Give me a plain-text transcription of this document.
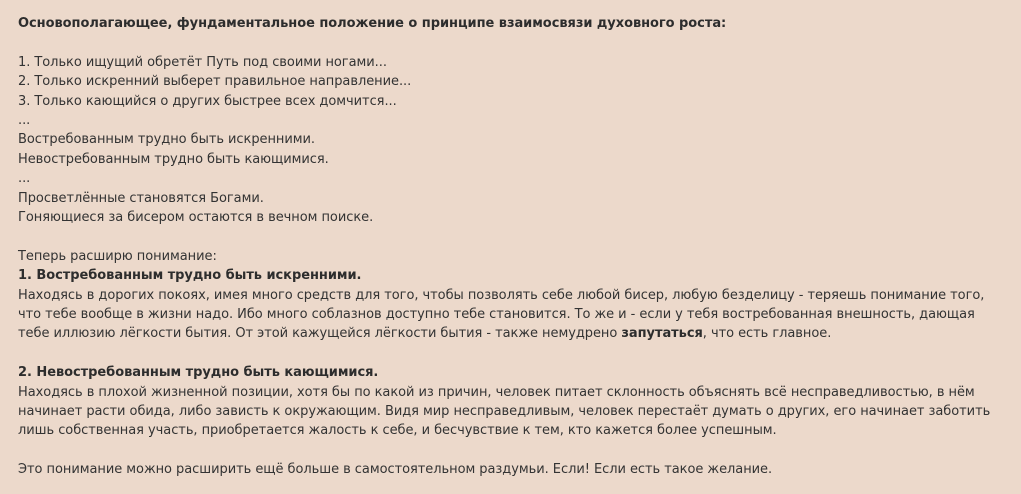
Основополагающее, фундаментальное положение о принципе взаимосвязи духовного роста:
1. Только ищущий обретёт Путь под своими ногами...
2. Только искренний выберет правильное направление...
3. Только кающийся о других быстрее всех домчится...
...
Востребованным трудно быть искренними.
Невостребованным трудно быть кающимися.
...
Просветлённые становятся Богами.
Гоняющиеся за бисером остаются в вечном поиске.
Теперь расширю понимание:
1. Востребованным трудно быть искренними.
Находясь в дорогих покоях, имея много средств для того, чтобы позволять себе любой бисер, любую безделицу - теряешь понимание того, что тебе вообще в жизни надо. Ибо много соблазнов доступно тебе становится. То же и - если у тебя востребованная внешность, дающая тебе иллюзию лёгкости бытия. От этой кажущейся лёгкости бытия - также немудрено запутаться, что есть главное.
2. Невостребованным трудно быть кающимися.
Находясь в плохой жизненной позиции, хотя бы по какой из причин, человек питает склонность объяснять всё несправедливостью, в нём начинает расти обида, либо зависть к окружающим. Видя мир несправедливым, человек перестаёт думать о других, его начинает заботить лишь собственная участь, приобретается жалость к себе, и бесчувствие к тем, кто кажется более успешным.
Это понимание можно расширить ещё больше в самостоятельном раздумьи. Если! Если есть такое желание.
